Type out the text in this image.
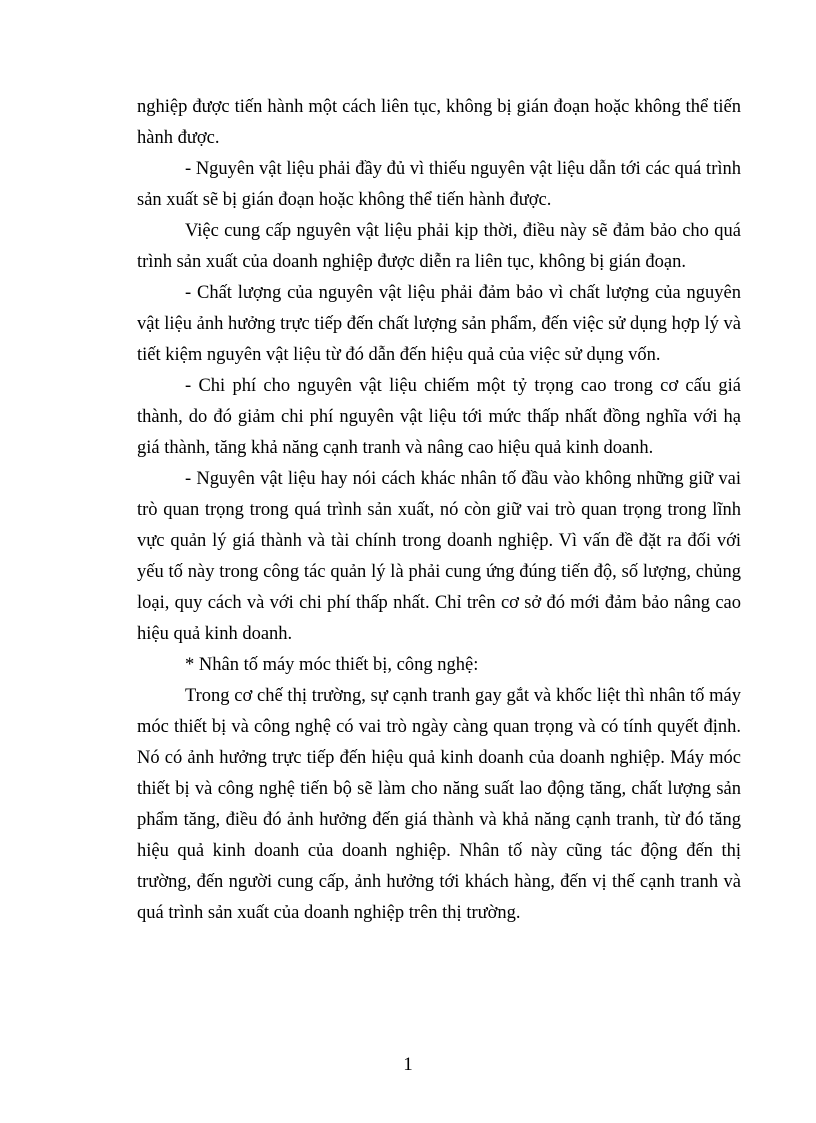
nghiệp được tiến hành một cách liên tục, không bị gián đoạn hoặc không thể tiến hành được.

- Nguyên vật liệu phải đầy đủ vì thiếu nguyên vật liệu dẫn tới các quá trình sản xuất sẽ bị gián đoạn hoặc không thể tiến hành được.

Việc cung cấp nguyên vật liệu phải kịp thời, điều này sẽ đảm bảo cho quá trình sản xuất của doanh nghiệp được diễn ra liên tục, không bị gián đoạn.

- Chất lượng của nguyên vật liệu phải đảm bảo vì chất lượng của nguyên vật liệu ảnh hưởng trực tiếp đến chất lượng sản phẩm, đến việc sử dụng hợp lý và tiết kiệm nguyên vật liệu từ đó dẫn đến hiệu quả của việc sử dụng vốn.

- Chi phí cho nguyên vật liệu chiếm một tỷ trọng cao trong cơ cấu giá thành, do đó giảm chi phí nguyên vật liệu tới mức thấp nhất đồng nghĩa với hạ giá thành, tăng khả năng cạnh tranh và nâng cao hiệu quả kinh doanh.

- Nguyên vật liệu hay nói cách khác nhân tố đầu vào không những giữ vai trò quan trọng trong quá trình sản xuất, nó còn giữ vai trò quan trọng trong lĩnh vực quản lý giá thành và tài chính trong doanh nghiệp. Vì vấn đề đặt ra đối với yếu tố này trong công tác quản lý là phải cung ứng đúng tiến độ, số lượng, chủng loại, quy cách và với chi phí thấp nhất. Chỉ trên cơ sở đó mới đảm bảo nâng cao hiệu quả kinh doanh.

* Nhân tố máy móc thiết bị, công nghệ:

Trong cơ chế thị trường, sự cạnh tranh gay gắt và khốc liệt thì nhân tố máy móc thiết bị và công nghệ có vai trò ngày càng quan trọng và có tính quyết định. Nó có ảnh hưởng trực tiếp đến hiệu quả kinh doanh của doanh nghiệp. Máy móc thiết bị và công nghệ tiến bộ sẽ làm cho năng suất lao động tăng, chất lượng sản phẩm tăng, điều đó ảnh hưởng đến giá thành và khả năng cạnh tranh, từ đó tăng hiệu quả kinh doanh của doanh nghiệp. Nhân tố này cũng tác động đến thị trường, đến người cung cấp, ảnh hưởng tới khách hàng, đến vị thế cạnh tranh và quá trình sản xuất của doanh nghiệp trên thị trường.

1
